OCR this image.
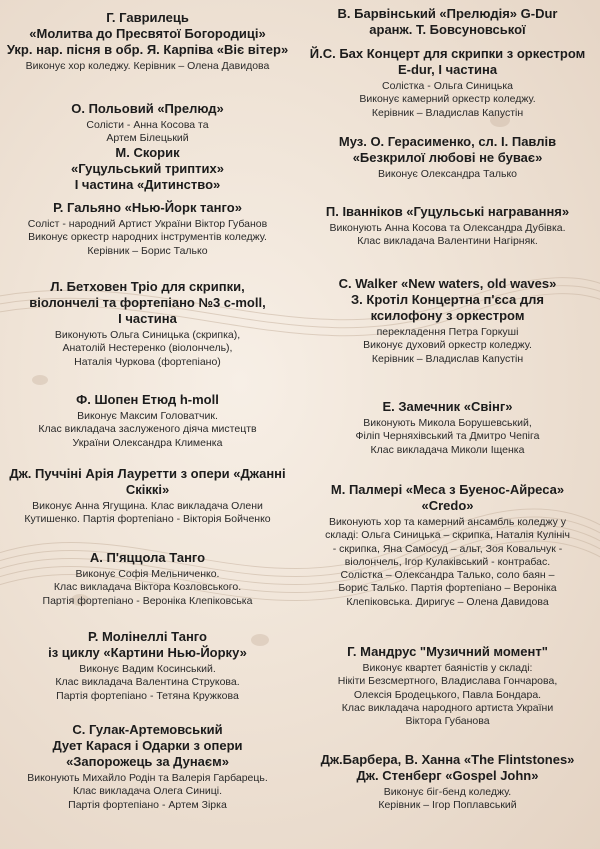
Г. Гаврилець
«Молитва до Пресвятої Богородиці»
Укр. нар. пісня в обр. Я. Карпіва «Віє вітер»
Виконує хор коледжу. Керівник – Олена Давидова
О. Польовий «Прелюд»
Солісти - Анна Косова та
Артем Білецький
М. Скорик
«Гуцульський триптих»
І частина «Дитинство»
Р. Гальяно «Нью-Йорк танго»
Соліст - народний Артист України Віктор Губанов
Виконує оркестр народних інструментів коледжу.
Керівник – Борис Талько
Л. Бетховен Тріо для скрипки,
віолончелі та фортепіано №3 c-moll,
І частина
Виконують Ольга Синицька (скрипка),
Анатолій Нестеренко (віолончель),
Наталія Чуркова (фортепіано)
Ф. Шопен Етюд h-moll
Виконує Максим Головатчик.
Клас викладача заслуженого діяча мистецтв
України Олександра Клименка
Дж. Пуччіні Арія Лауретти з опери «Джанні
Скіккі»
Виконує Анна Ягущина. Клас викладача Олени
Кутишенко. Партія фортепіано - Вікторія Бойченко
А. П'яццола Танго
Виконує Софія Мельниченко.
Клас викладача Віктора Козловського.
Партія фортепіано - Вероніка Клепіковська
Р. Молінеллі Танго
із циклу «Картини Нью-Йорку»
Виконує Вадим Косинський.
Клас викладача Валентина Струкова.
Партія фортепіано - Тетяна Кружкова
С. Гулак-Артемовський
Дует Карася і Одарки з опери
«Запорожець за Дунаєм»
Виконують Михайло Родін та Валерія Гарбарець.
Клас викладача Олега Синиці.
Партія фортепіано - Артем Зірка
В. Барвінський «Прелюдія» G-Dur
аранж. Т. Бовсуновської
Й.С. Бах Концерт для скрипки з оркестром
E-dur, І частина
Солістка - Ольга Синицька
Виконує камерний оркестр коледжу.
Керівник – Владислав Капустін
Муз. О. Герасименко, сл. І. Павлів
«Безкрилої любові не буває»
Виконує Олександра Талько
П. Іванніков «Гуцульські награвання»
Виконують Анна Косова та Олександра Дубівка.
Клас викладача Валентини Нагірняк.
C. Walker «New waters, old waves»
З. Кротіл Концертна п'єса для
ксилофону з оркестром
перекладення Петра Горкуші
Виконує духовий оркестр коледжу.
Керівник – Владислав Капустін
Е. Замечник «Свінг»
Виконують Микола Борушевський,
Філіп Черняхівський та Дмитро Чепіга
Клас викладача Миколи Іщенка
М. Палмері «Меса з Буенос-Айреса»
«Credo»
Виконують хор та камерний ансамбль коледжу у
складі: Ольга Синицька – скрипка, Наталія Кулініч
- скрипка, Яна Самосуд – альт, Зоя Ковальчук -
віолончель, Ігор Кулаківський - контрабас.
Солістка – Олександра Талько, соло баян –
Борис Талько. Партія фортепіано – Вероніка
Клепіковська. Диригує – Олена Давидова
Г. Мандрус "Музичний момент"
Виконує квартет баяністів у складі:
Нікіти Безсмертного, Владислава Гончарова,
Олексія Бродецького, Павла Бондара.
Клас викладача народного артиста України
Віктора Губанова
Дж.Барбера, В. Ханна «The Flintstones»
Дж. Стенберг «Gospel John»
Виконує біг-бенд коледжу.
Керівник – Ігор Поплавський
